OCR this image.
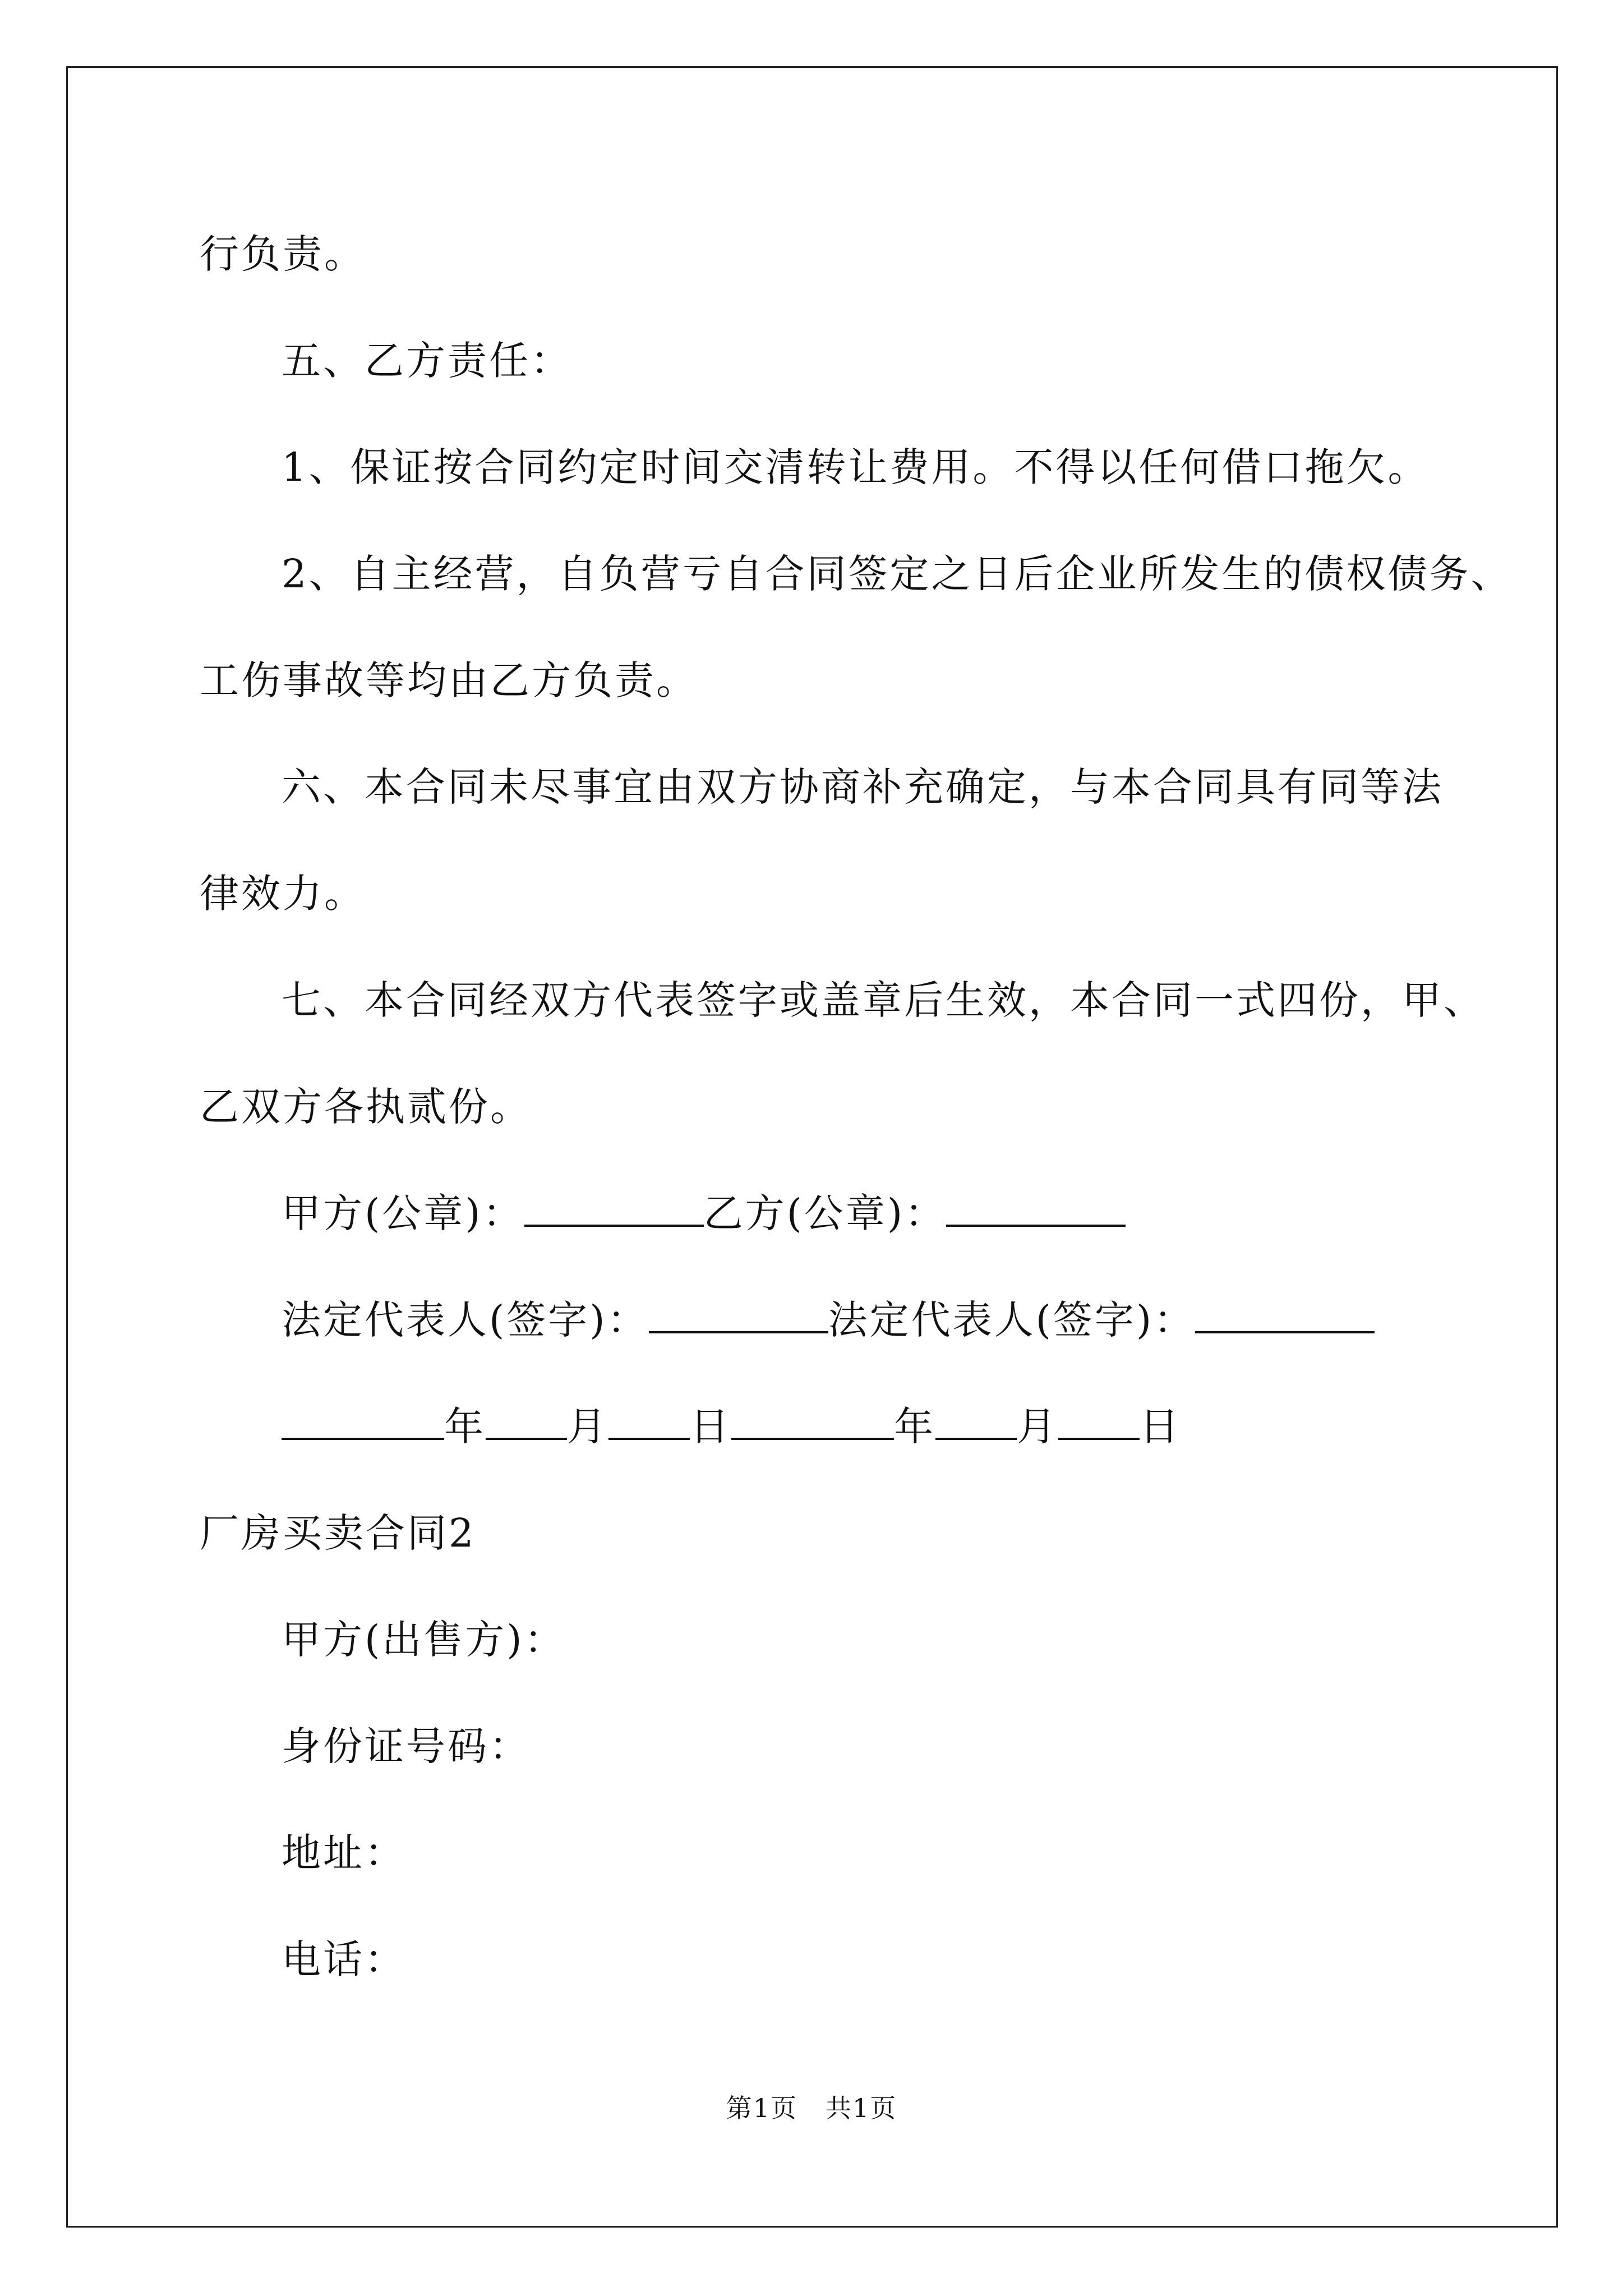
行负责。
五、乙方责任：
1、保证按合同约定时间交清转让费用。不得以任何借口拖欠。
2、自主经营，自负营亏自合同签定之日后企业所发生的债权债务、
工伤事故等均由乙方负责。
六、本合同未尽事宜由双方协商补充确定，与本合同具有同等法
律效力。
七、本合同经双方代表签字或盖章后生效，本合同一式四份，甲、
乙双方各执贰份。
甲方(公章)：	乙方(公章)：
法定代表人(签字)：	法定代表人(签字)：
年 月 日	年 月 日
厂房买卖合同2
甲方(出售方)：
身份证号码：
地址：
电话：
第1页 共1页
